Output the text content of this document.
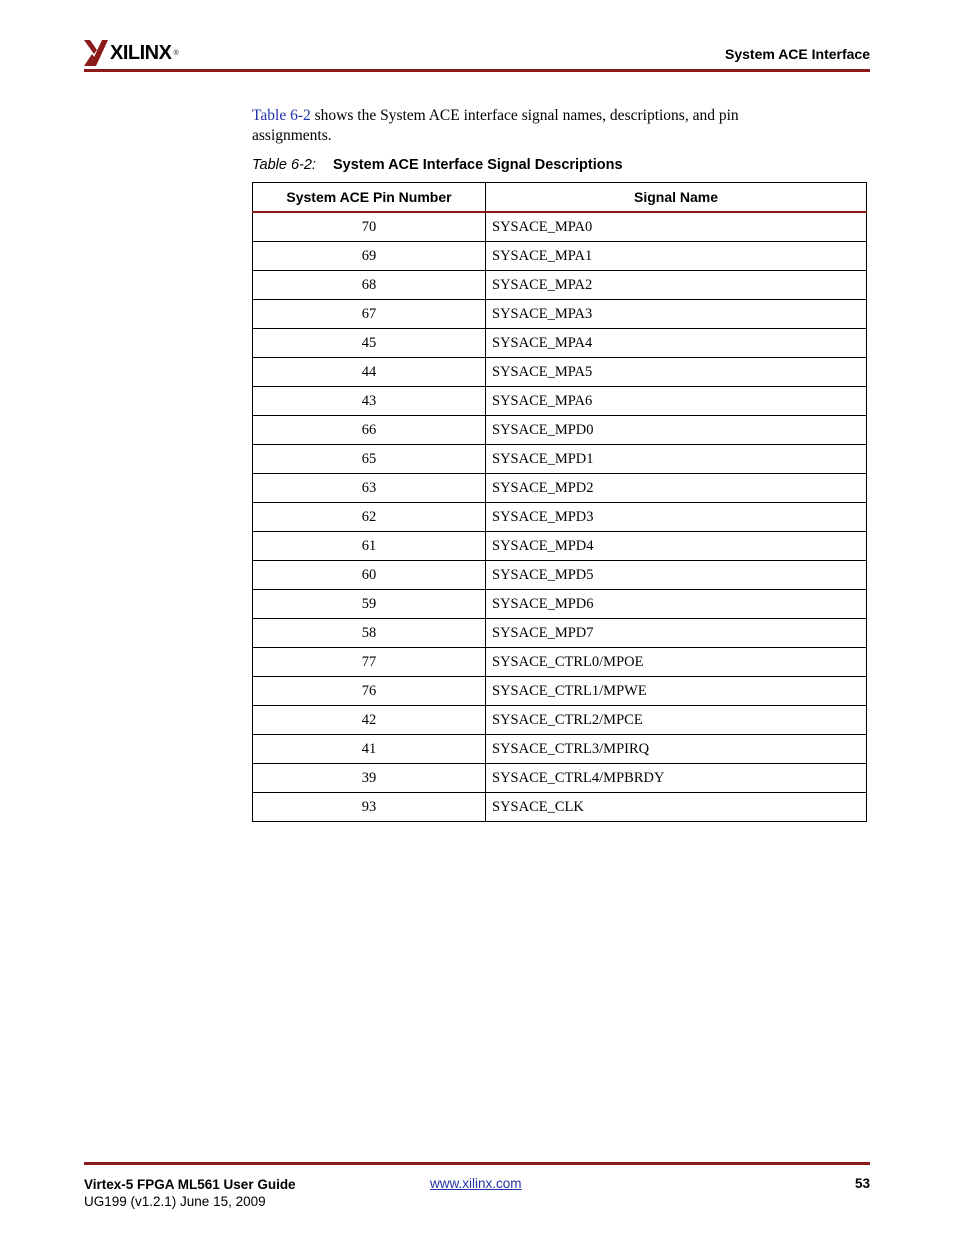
XILINX ®	System ACE Interface
Table 6-2 shows the System ACE interface signal names, descriptions, and pin assignments.
Table 6-2: System ACE Interface Signal Descriptions
System ACE Pin Number	Signal Name
70	SYSACE_MPA0
69	SYSACE_MPA1
68	SYSACE_MPA2
67	SYSACE_MPA3
45	SYSACE_MPA4
44	SYSACE_MPA5
43	SYSACE_MPA6
66	SYSACE_MPD0
65	SYSACE_MPD1
63	SYSACE_MPD2
62	SYSACE_MPD3
61	SYSACE_MPD4
60	SYSACE_MPD5
59	SYSACE_MPD6
58	SYSACE_MPD7
77	SYSACE_CTRL0/MPOE
76	SYSACE_CTRL1/MPWE
42	SYSACE_CTRL2/MPCE
41	SYSACE_CTRL3/MPIRQ
39	SYSACE_CTRL4/MPBRDY
93	SYSACE_CLK
Virtex-5 FPGA ML561 User Guide
UG199 (v1.2.1) June 15, 2009
www.xilinx.com	53
